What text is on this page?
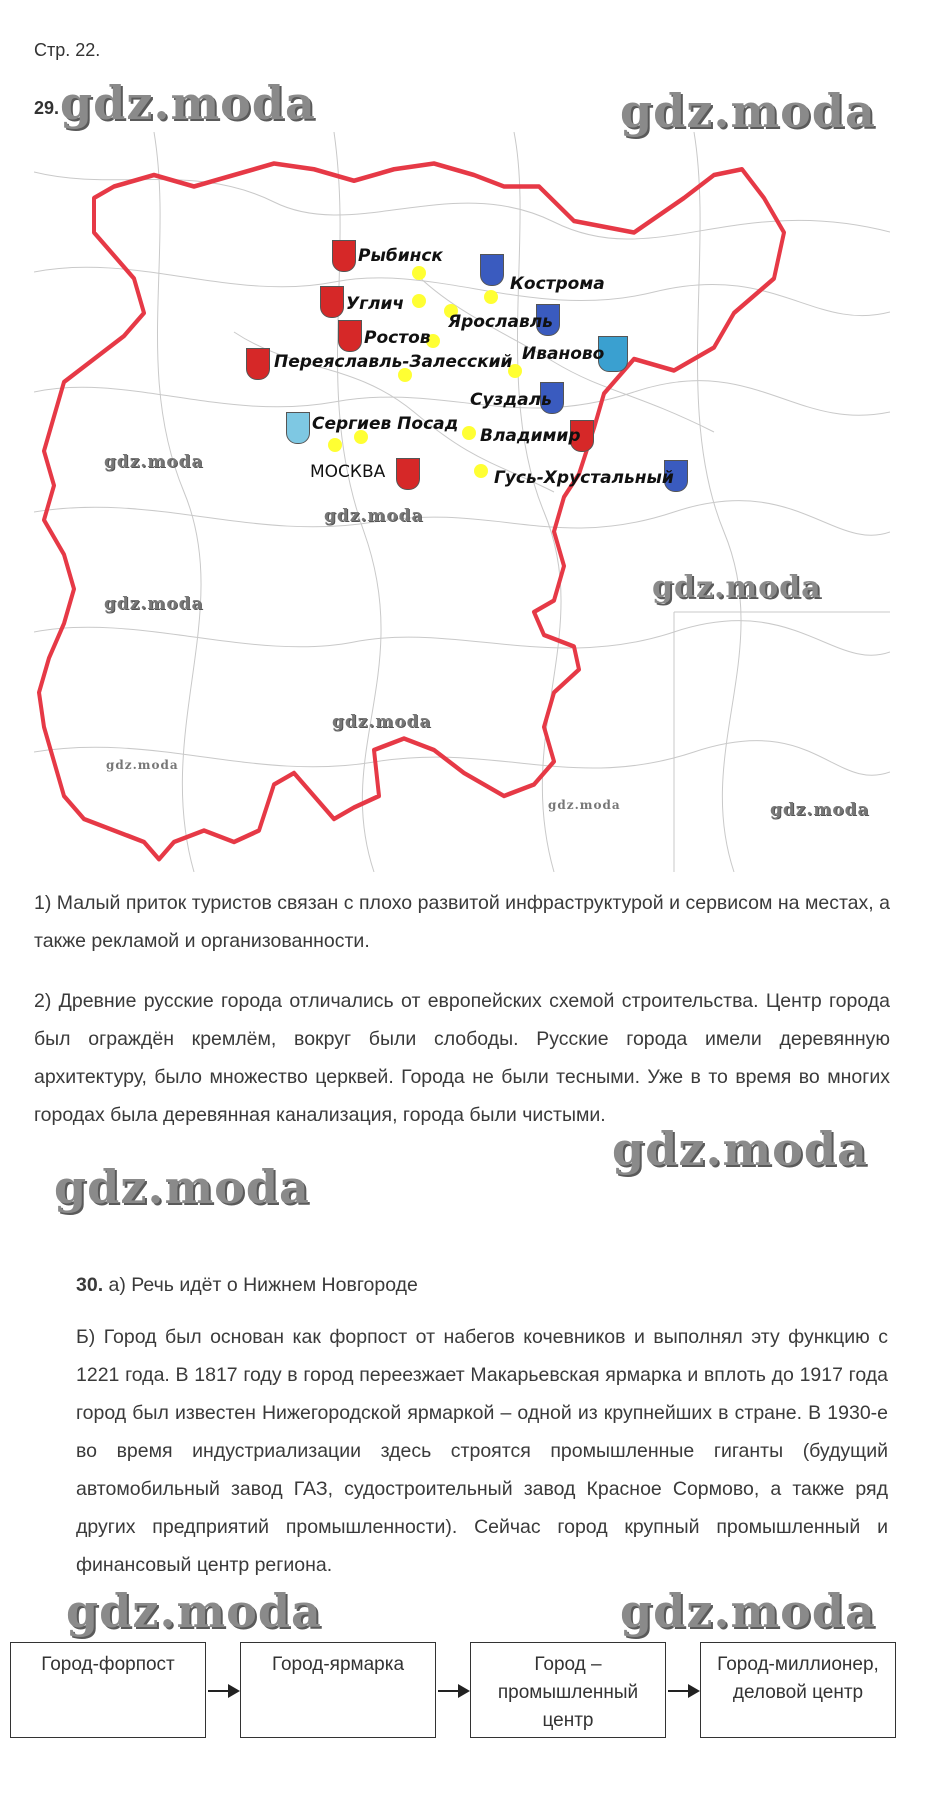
Стр. 22.
29.
Рыбинск
Кострома
Углич
Ярославль
Ростов
Иваново
Переяславль-Залесский
Суздаль
Сергиев Посад
Владимир
МОСКВА	Гусь-Хрустальный
gdz.moda	gdz.moda
gdz.moda
gdz.moda
gdz.moda	gdz.moda
gdz.moda
gdz.moda
gdz.moda	gdz.moda
1) Малый приток туристов связан с плохо развитой инфраструктурой и сервисом на местах, а также рекламой и организованности.
2) Древние русские города отличались от европейских схемой строительства. Центр города был ограждён кремлём, вокруг были слободы. Русские города имели деревянную архитектуру, было множество церквей. Города не были тесными. Уже в то время во многих городах была деревянная канализация, города были чистыми.
gdz.moda
gdz.moda
30. а) Речь идёт о Нижнем Новгороде
Б) Город был основан как форпост от набегов кочевников и выполнял эту функцию с 1221 года. В 1817 году в город переезжает Макарьевская ярмарка и вплоть до 1917 года город был известен Нижегородской ярмаркой – одной из крупнейших в стране. В 1930-е во время индустриализации здесь строятся промышленные гиганты (будущий автомобильный завод ГАЗ, судостроительный завод Красное Сормово, а также ряд других предприятий промышленности). Сейчас город крупный промышленный и финансовый центр региона.
gdz.moda	gdz.moda
Город-форпост	Город-ярмарка	Город – промышленный центр
Город-миллионер, деловой центр
